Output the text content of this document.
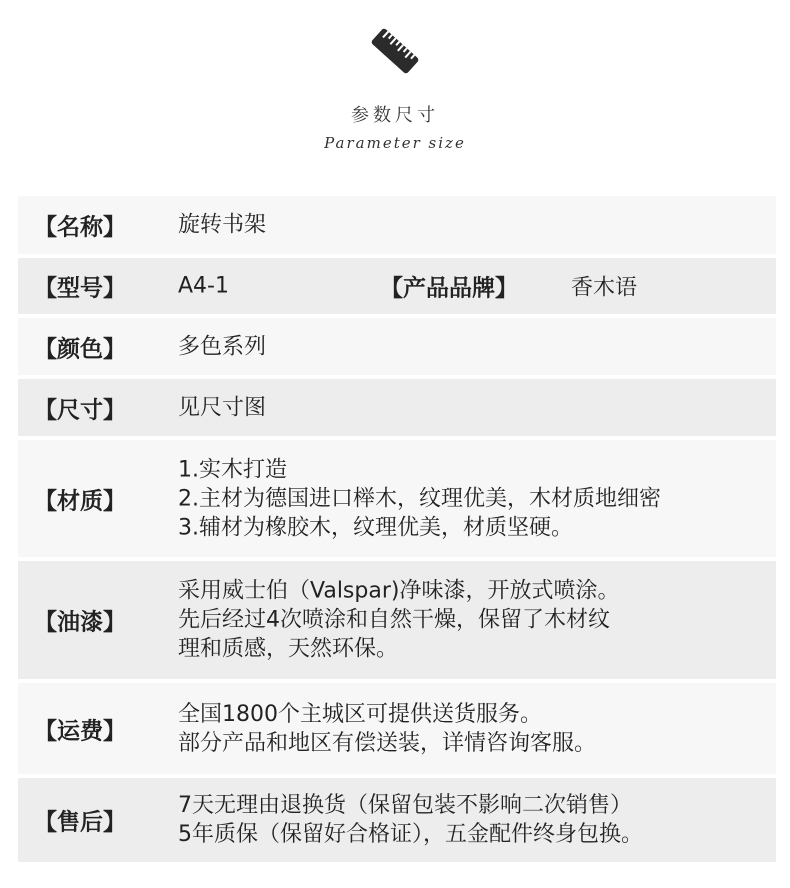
参数尺寸
Parameter size
【名称】 旋转书架
【型号】 A4-1	【产品品牌】 香木语
【颜色】 多色系列
【尺寸】 见尺寸图
【材质】
1.实木打造
2.主材为德国进口榉木，纹理优美，木材质地细密
3.辅材为橡胶木，纹理优美，材质坚硬。
【油漆】
采用威士伯（Valspar)净味漆，开放式喷涂。
先后经过4次喷涂和自然干燥，保留了木材纹
理和质感，天然环保。
【运费】
全国1800个主城区可提供送货服务。
部分产品和地区有偿送装，详情咨询客服。
【售后】
7天无理由退换货（保留包装不影响二次销售）
5年质保（保留好合格证），五金配件终身包换。
